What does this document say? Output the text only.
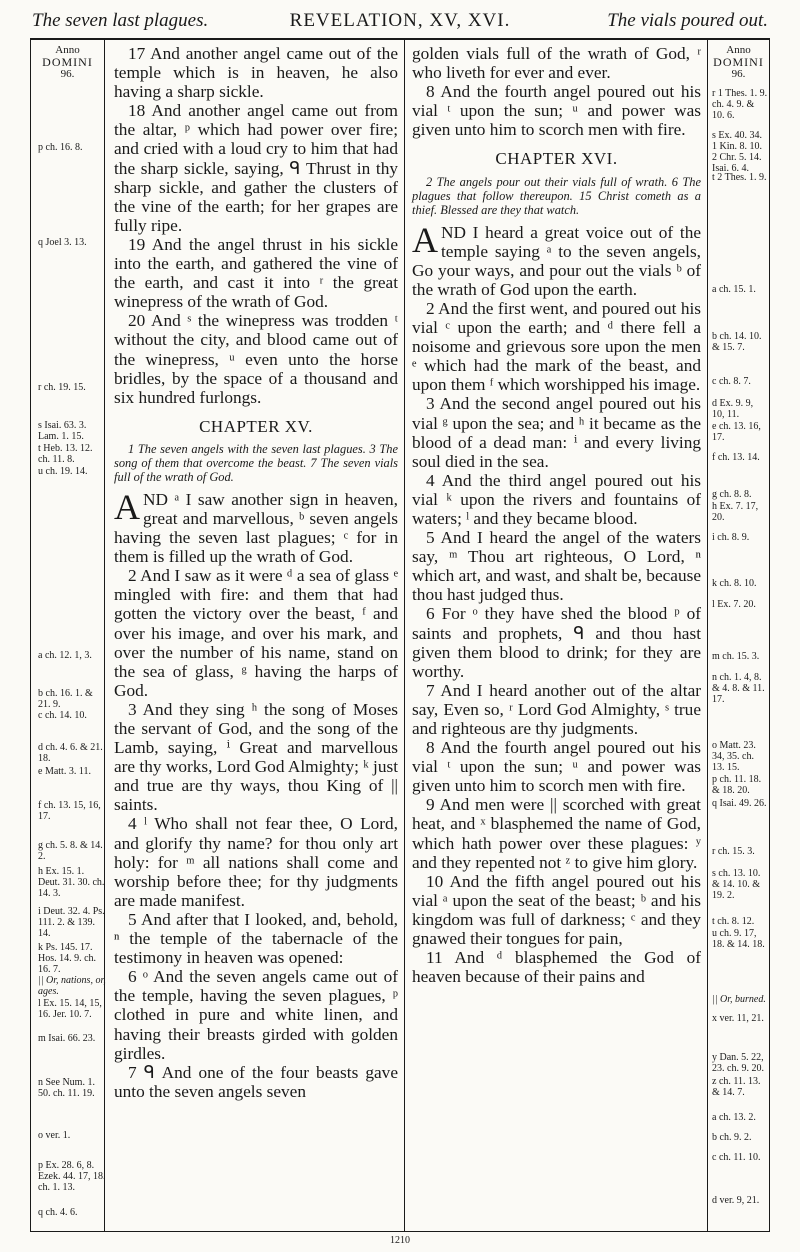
The seven last plagues.	REVELATION, XV, XVI.	The vials poured out.
Anno
DOMINI
96.
Anno
DOMINI
96.
p ch. 16. 8.
q Joel 3. 13.
r ch. 19. 15.
s Isai. 63. 3. Lam. 1. 15.
t Heb. 13. 12. ch. 11. 8.
u ch. 19. 14.
a ch. 12. 1, 3.
b ch. 16. 1. & 21. 9.
c ch. 14. 10.
d ch. 4. 6. & 21. 18.
e Matt. 3. 11.
f ch. 13. 15, 16, 17.
g ch. 5. 8. & 14. 2.
h Ex. 15. 1. Deut. 31. 30. ch. 14. 3.
i Deut. 32. 4. Ps. 111. 2. & 139. 14.
k Ps. 145. 17. Hos. 14. 9. ch. 16. 7.
|| Or, nations, or, ages.
l Ex. 15. 14, 15, 16. Jer. 10. 7.
m Isai. 66. 23.
n See Num. 1. 50. ch. 11. 19.
o ver. 1.
p Ex. 28. 6, 8. Ezek. 44. 17, 18. ch. 1. 13.
q ch. 4. 6.
r 1 Thes. 1. 9. ch. 4. 9. & 10. 6.
s Ex. 40. 34. 1 Kin. 8. 10. 2 Chr. 5. 14. Isai. 6. 4.
t 2 Thes. 1. 9.
a ch. 15. 1.
b ch. 14. 10. & 15. 7.
c ch. 8. 7.
d Ex. 9. 9, 10, 11.
e ch. 13. 16, 17.
f ch. 13. 14.
g ch. 8. 8.
h Ex. 7. 17, 20.
i ch. 8. 9.
k ch. 8. 10.
l Ex. 7. 20.
m ch. 15. 3.
n ch. 1. 4, 8. & 4. 8. & 11. 17.
o Matt. 23. 34, 35. ch. 13. 15.
p ch. 11. 18. & 18. 20.
q Isai. 49. 26.
r ch. 15. 3.
s ch. 13. 10. & 14. 10. & 19. 2.
t ch. 8. 12.
u ch. 9. 17, 18. & 14. 18.
|| Or, burned.
x ver. 11, 21.
y Dan. 5. 22, 23. ch. 9. 20.
z ch. 11. 13. & 14. 7.
a ch. 13. 2.
b ch. 9. 2.
c ch. 11. 10.
d ver. 9, 21.

17 And another angel came out of the temple which is in heaven, he also having a sharp sickle.

18 And another angel came out from the altar, ᵖ which had power over fire; and cried with a loud cry to him that had the sharp sickle, saying, ᑫ Thrust in thy sharp sickle, and gather the clusters of the vine of the earth; for her grapes are fully ripe.

19 And the angel thrust in his sickle into the earth, and gathered the vine of the earth, and cast it into ʳ the great winepress of the wrath of God.

20 And ˢ the winepress was trodden ᵗ without the city, and blood came out of the winepress, ᵘ even unto the horse bridles, by the space of a thousand and six hundred furlongs.

CHAPTER XV.

1 The seven angels with the seven last plagues. 3 The song of them that overcome the beast. 7 The seven vials full of the wrath of God.

AND ᵃ I saw another sign in heaven, great and marvellous, ᵇ seven angels having the seven last plagues; ᶜ for in them is filled up the wrath of God.

2 And I saw as it were ᵈ a sea of glass ᵉ mingled with fire: and them that had gotten the victory over the beast, ᶠ and over his image, and over his mark, and over the number of his name, stand on the sea of glass, ᵍ having the harps of God.

3 And they sing ʰ the song of Moses the servant of God, and the song of the Lamb, saying, ⁱ Great and marvellous are thy works, Lord God Almighty; ᵏ just and true are thy ways, thou King of || saints.

4 ˡ Who shall not fear thee, O Lord, and glorify thy name? for thou only art holy: for ᵐ all nations shall come and worship before thee; for thy judgments are made manifest.

5 And after that I looked, and, behold, ⁿ the temple of the tabernacle of the testimony in heaven was opened:

6 ᵒ And the seven angels came out of the temple, having the seven plagues, ᵖ clothed in pure and white linen, and having their breasts girded with golden girdles.

7 ᑫ And one of the four beasts gave unto the seven angels seven

golden vials full of the wrath of God, ʳ who liveth for ever and ever.

8 And the fourth angel poured out his vial ᵗ upon the sun; ᵘ and power was given unto him to scorch men with fire.

CHAPTER XVI.

2 The angels pour out their vials full of wrath. 6 The plagues that follow thereupon. 15 Christ cometh as a thief. Blessed are they that watch.

AND I heard a great voice out of the temple saying ᵃ to the seven angels, Go your ways, and pour out the vials ᵇ of the wrath of God upon the earth.

2 And the first went, and poured out his vial ᶜ upon the earth; and ᵈ there fell a noisome and grievous sore upon the men ᵉ which had the mark of the beast, and upon them ᶠ which worshipped his image.

3 And the second angel poured out his vial ᵍ upon the sea; and ʰ it became as the blood of a dead man: ⁱ and every living soul died in the sea.

4 And the third angel poured out his vial ᵏ upon the rivers and fountains of waters; ˡ and they became blood.

5 And I heard the angel of the waters say, ᵐ Thou art righteous, O Lord, ⁿ which art, and wast, and shalt be, because thou hast judged thus.

6 For ᵒ they have shed the blood ᵖ of saints and prophets, ᑫ and thou hast given them blood to drink; for they are worthy.

7 And I heard another out of the altar say, Even so, ʳ Lord God Almighty, ˢ true and righteous are thy judgments.

8 And the fourth angel poured out his vial ᵗ upon the sun; ᵘ and power was given unto him to scorch men with fire.

9 And men were || scorched with great heat, and ˣ blasphemed the name of God, which hath power over these plagues: ʸ and they repented not ᶻ to give him glory.

10 And the fifth angel poured out his vial ᵃ upon the seat of the beast; ᵇ and his kingdom was full of darkness; ᶜ and they gnawed their tongues for pain,

11 And ᵈ blasphemed the God of heaven because of their pains and

1210
